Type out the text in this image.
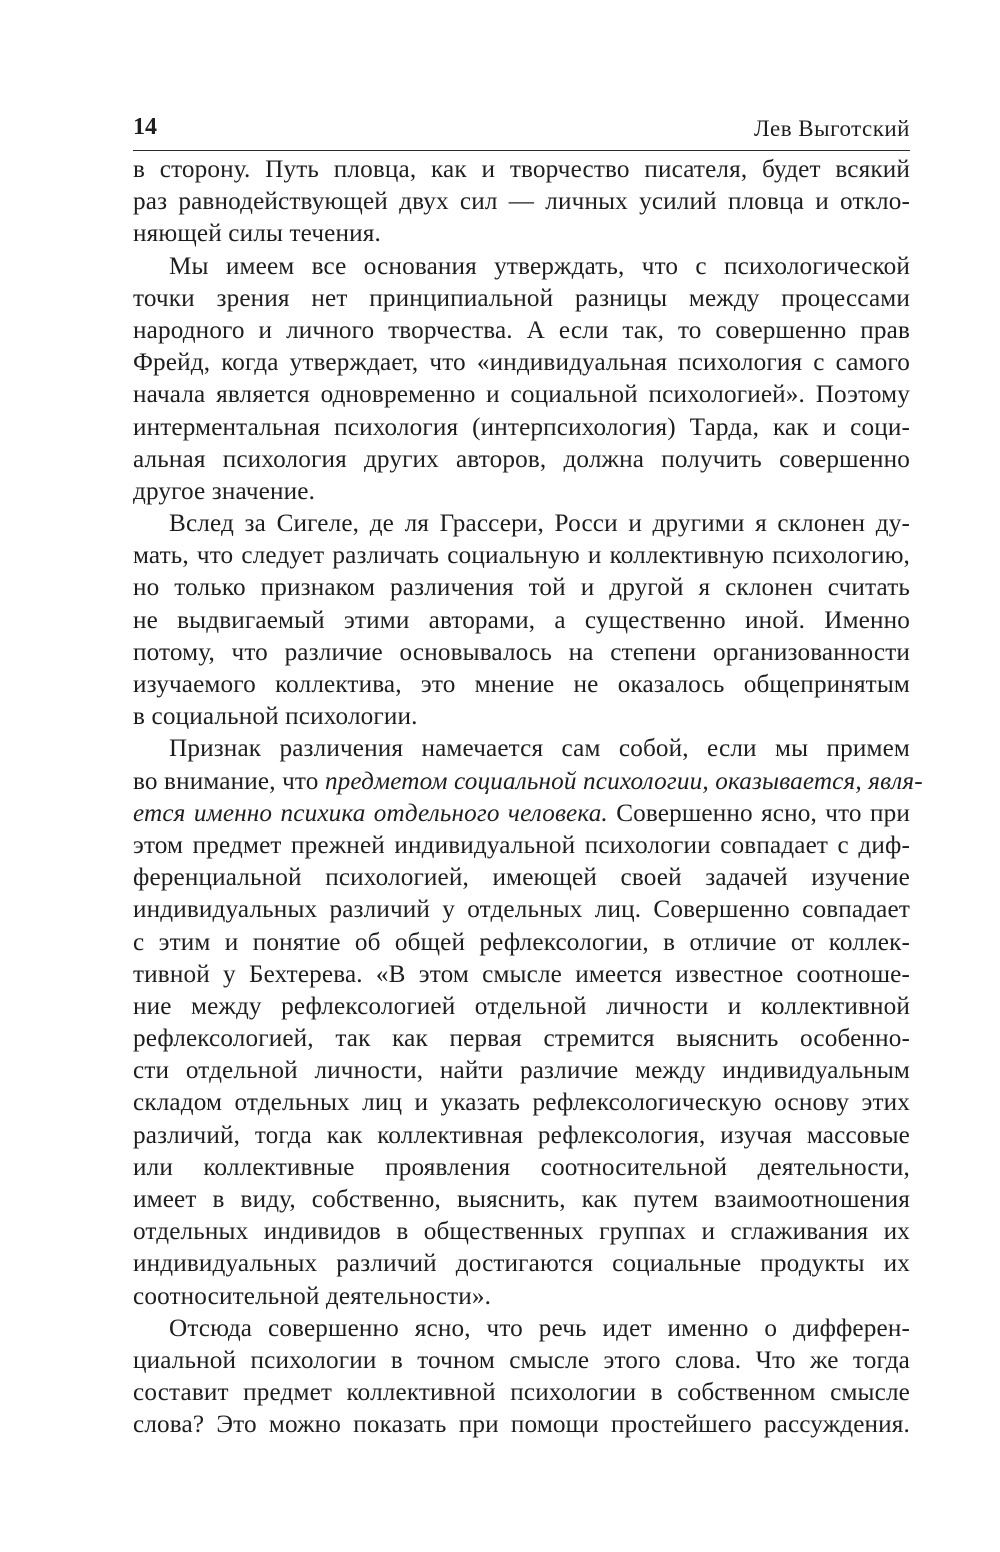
14	Лев Выготский
в сторону. Путь пловца, как и творчество писателя, будет всякий
раз равнодействующей двух сил — личных усилий пловца и откло-
няющей силы течения.
Мы имеем все основания утверждать, что с психологической
точки зрения нет принципиальной разницы между процессами
народного и личного творчества. А если так, то совершенно прав
Фрейд, когда утверждает, что «индивидуальная психология с самого
начала является одновременно и социальной психологией». Поэтому
интерментальная психология (интерпсихология) Тарда, как и соци-
альная психология других авторов, должна получить совершенно
другое значение.
Вслед за Сигеле, де ля Грассери, Росси и другими я склонен ду-
мать, что следует различать социальную и коллективную психологию,
но только признаком различения той и другой я склонен считать
не выдвигаемый этими авторами, а существенно иной. Именно
потому, что различие основывалось на степени организованности
изучаемого коллектива, это мнение не оказалось общепринятым
в социальной психологии.
Признак различения намечается сам собой, если мы примем
во внимание, что предметом социальной психологии, оказывается, явля-
ется именно психика отдельного человека. Совершенно ясно, что при
этом предмет прежней индивидуальной психологии совпадает с диф-
ференциальной психологией, имеющей своей задачей изучение
индивидуальных различий у отдельных лиц. Совершенно совпадает
с этим и понятие об общей рефлексологии, в отличие от коллек-
тивной у Бехтерева. «В этом смысле имеется известное соотноше-
ние между рефлексологией отдельной личности и коллективной
рефлексологией, так как первая стремится выяснить особенно-
сти отдельной личности, найти различие между индивидуальным
складом отдельных лиц и указать рефлексологическую основу этих
различий, тогда как коллективная рефлексология, изучая массовые
или коллективные проявления соотносительной деятельности,
имеет в виду, собственно, выяснить, как путем взаимоотношения
отдельных индивидов в общественных группах и сглаживания их
индивидуальных различий достигаются социальные продукты их
соотносительной деятельности».
Отсюда совершенно ясно, что речь идет именно о дифферен-
циальной психологии в точном смысле этого слова. Что же тогда
составит предмет коллективной психологии в собственном смысле
слова? Это можно показать при помощи простейшего рассуждения.
